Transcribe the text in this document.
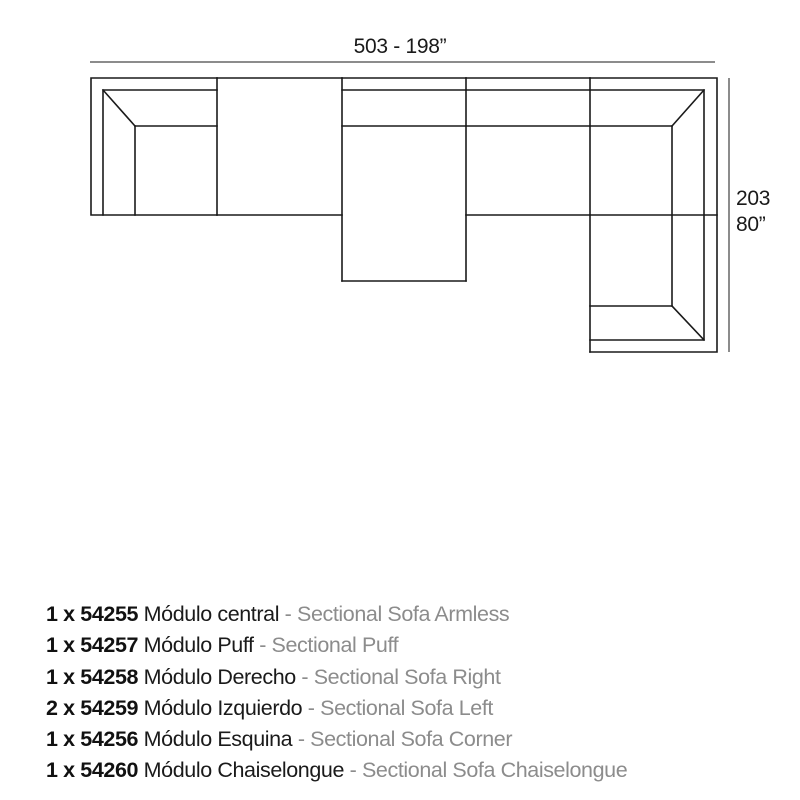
503 - 198”
203
80”
1 x 54255 Módulo central - Sectional Sofa Armless
1 x 54257 Módulo Puff - Sectional Puff
1 x 54258 Módulo Derecho - Sectional Sofa Right
2 x 54259 Módulo Izquierdo - Sectional Sofa Left
1 x 54256 Módulo Esquina - Sectional Sofa Corner
1 x 54260 Módulo Chaiselongue - Sectional Sofa Chaiselongue
